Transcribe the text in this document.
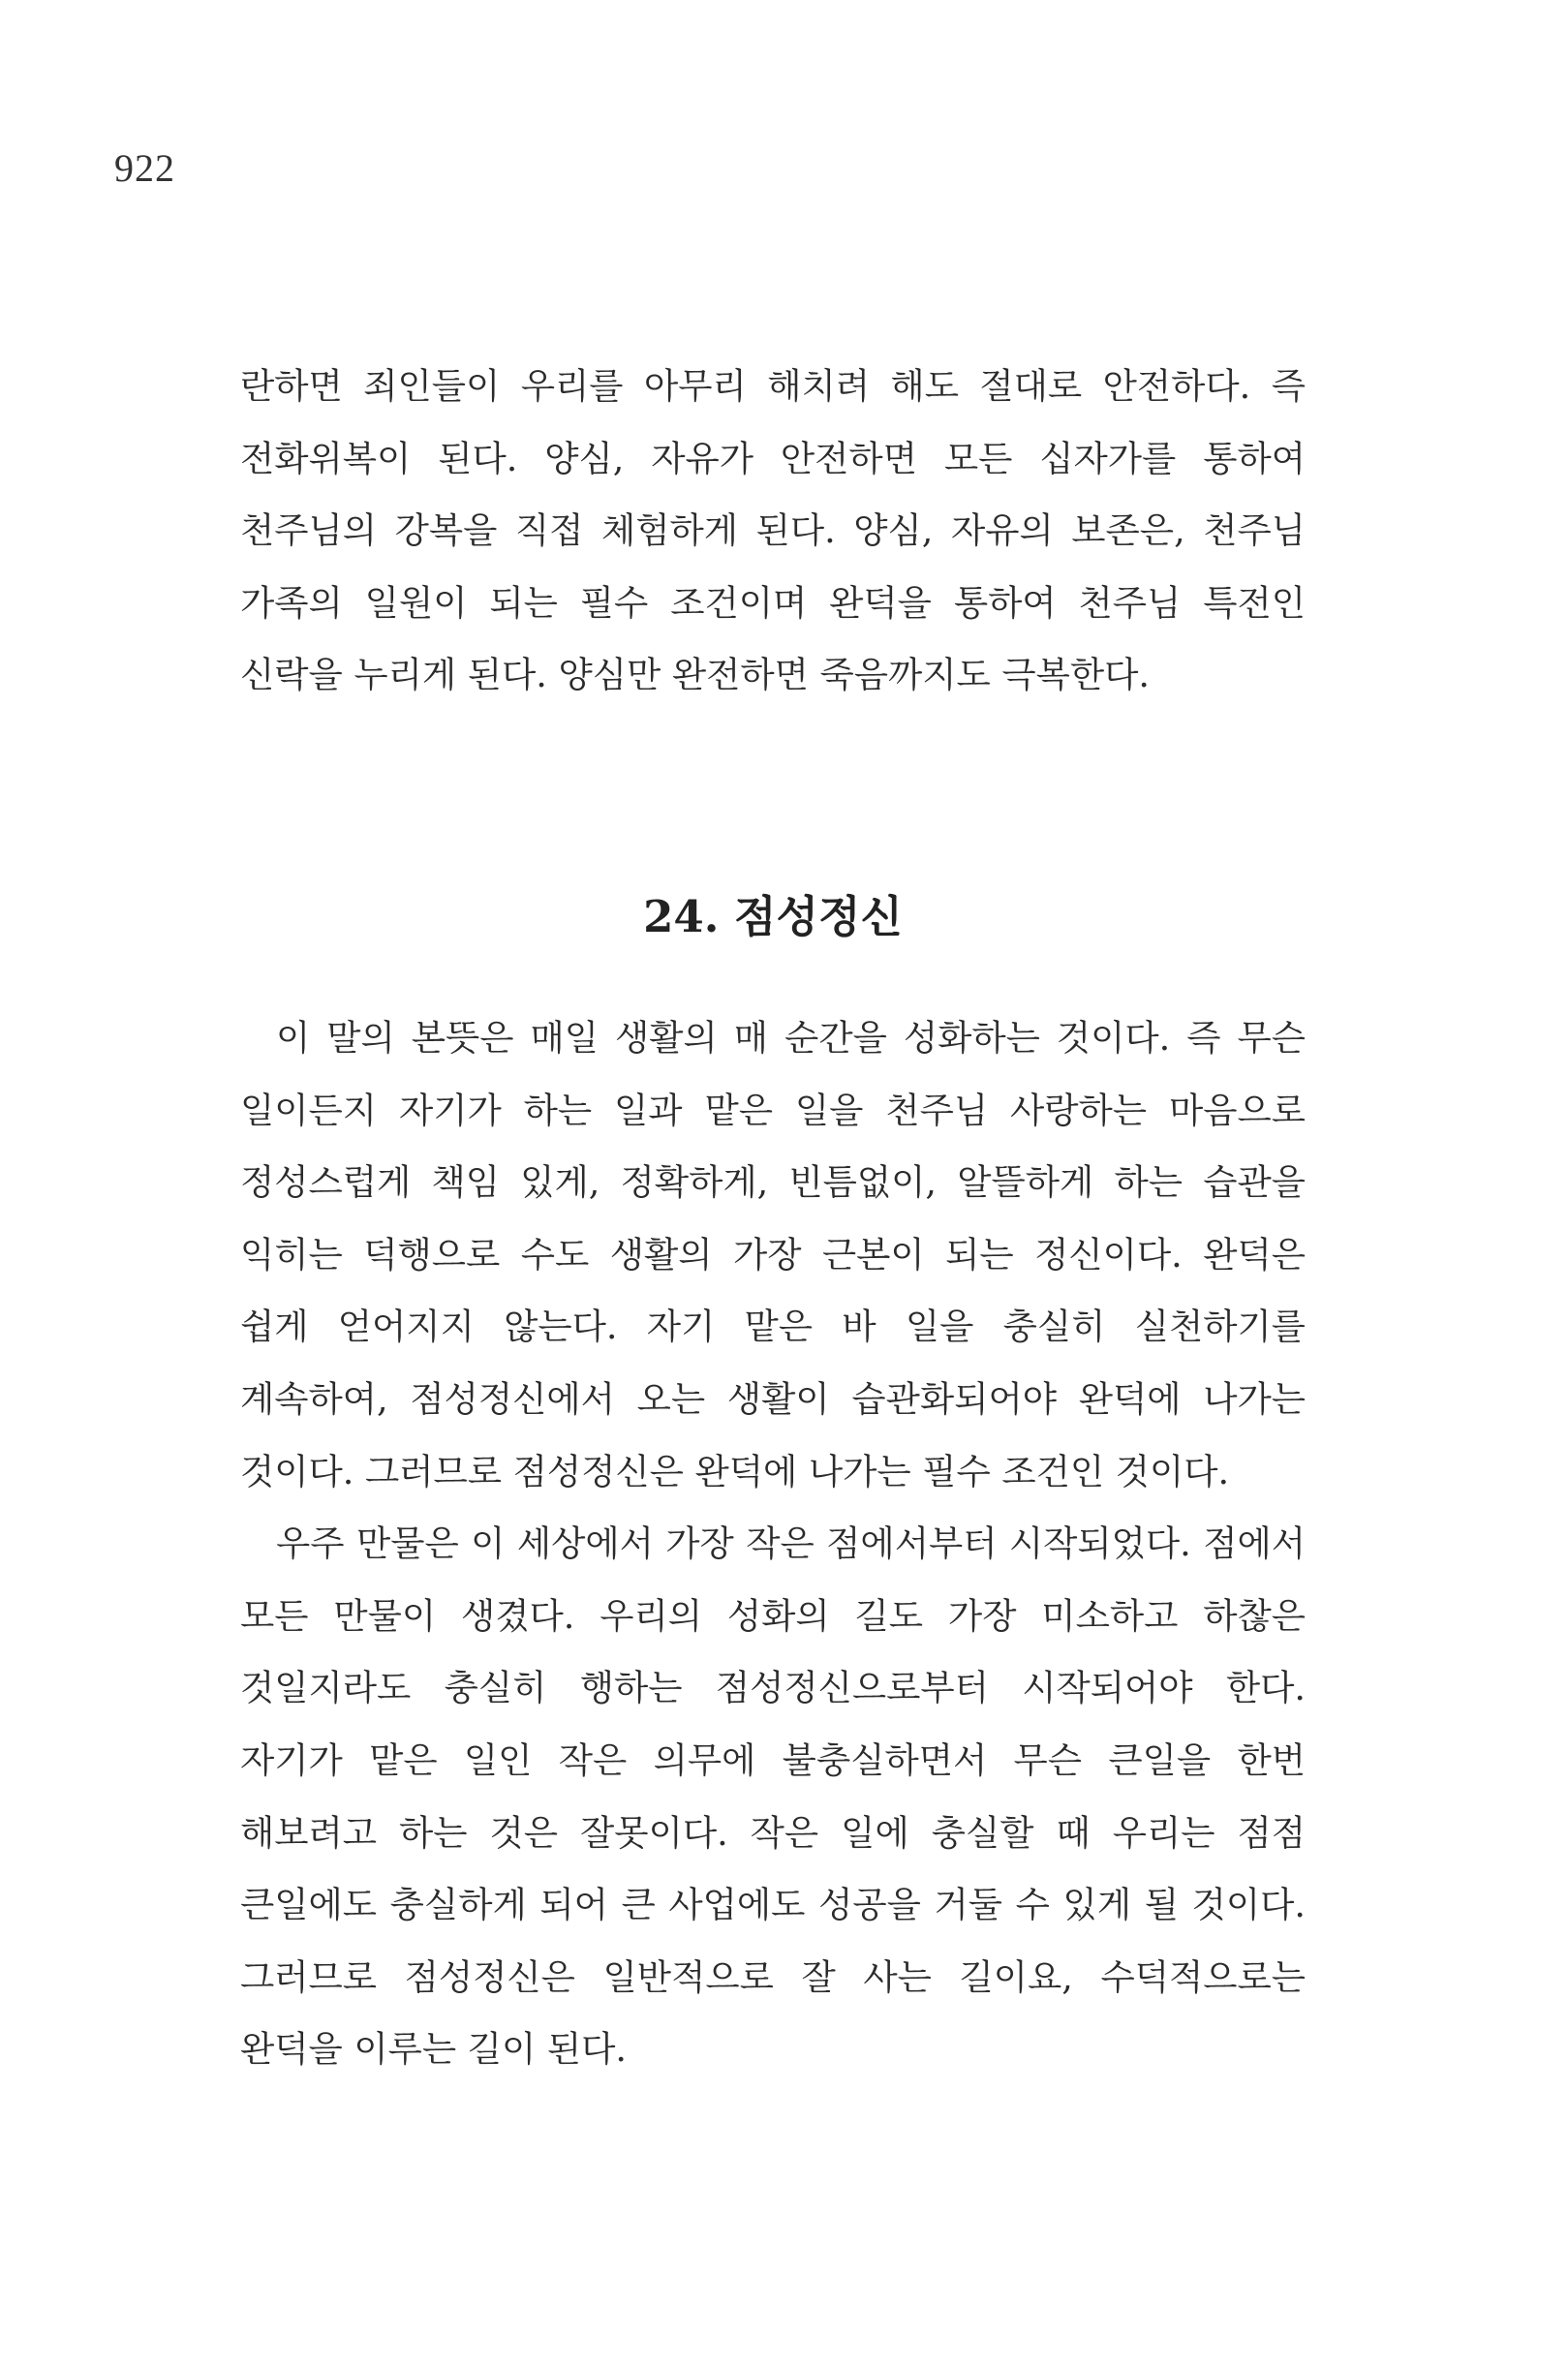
922

란하면 죄인들이 우리를 아무리 해치려 해도 절대로 안전하다. 즉 전화위복이 된다. 양심, 자유가 안전하면 모든 십자가를 통하여 천주님의 강복을 직접 체험하게 된다. 양심, 자유의 보존은, 천주님 가족의 일원이 되는 필수 조건이며 완덕을 통하여 천주님 특전인 신락을 누리게 된다. 양심만 완전하면 죽음까지도 극복한다.

24. 점성정신

이 말의 본뜻은 매일 생활의 매 순간을 성화하는 것이다. 즉 무슨 일이든지 자기가 하는 일과 맡은 일을 천주님 사랑하는 마음으로 정성스럽게 책임 있게, 정확하게, 빈틈없이, 알뜰하게 하는 습관을 익히는 덕행으로 수도 생활의 가장 근본이 되는 정신이다. 완덕은 쉽게 얻어지지 않는다. 자기 맡은 바 일을 충실히 실천하기를 계속하여, 점성정신에서 오는 생활이 습관화되어야 완덕에 나가는 것이다. 그러므로 점성정신은 완덕에 나가는 필수 조건인 것이다.

우주 만물은 이 세상에서 가장 작은 점에서부터 시작되었다. 점에서 모든 만물이 생겼다. 우리의 성화의 길도 가장 미소하고 하찮은 것일지라도 충실히 행하는 점성정신으로부터 시작되어야 한다. 자기가 맡은 일인 작은 의무에 불충실하면서 무슨 큰일을 한번 해보려고 하는 것은 잘못이다. 작은 일에 충실할 때 우리는 점점 큰일에도 충실하게 되어 큰 사업에도 성공을 거둘 수 있게 될 것이다. 그러므로 점성정신은 일반적으로 잘 사는 길이요, 수덕적으로는 완덕을 이루는 길이 된다.
